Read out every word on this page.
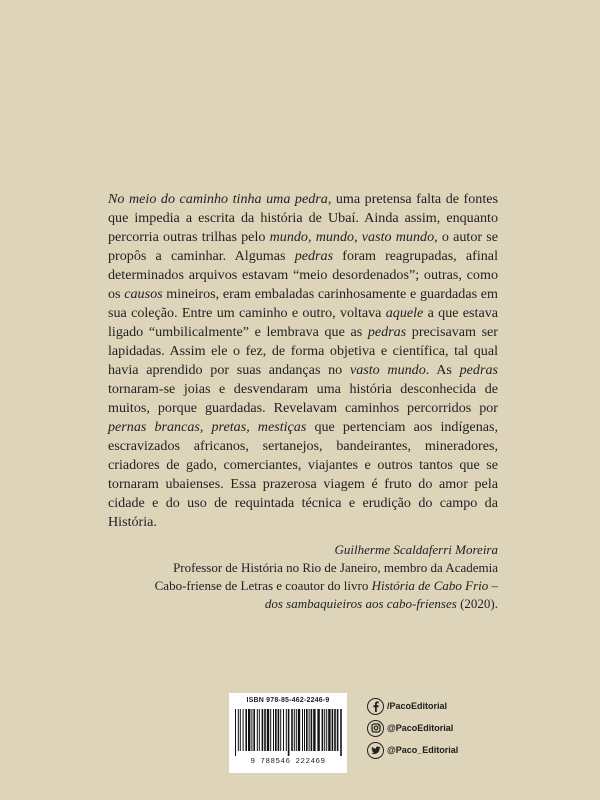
No meio do caminho tinha uma pedra, uma pretensa falta de fontes que impedia a escrita da história de Ubaí. Ainda assim, enquanto percorria outras trilhas pelo mundo, mundo, vasto mundo, o autor se propôs a caminhar. Algumas pedras foram reagrupadas, afinal determinados arquivos estavam “meio desordenados”; outras, como os causos mineiros, eram embaladas carinhosamente e guardadas em sua coleção. Entre um caminho e outro, voltava aquele a que estava ligado “umbilicalmente” e lembrava que as pedras precisavam ser lapidadas. Assim ele o fez, de forma objetiva e científica, tal qual havia aprendido por suas andanças no vasto mundo. As pedras tornaram-se joias e desvendaram uma história desconhecida de muitos, porque guardadas. Revelavam caminhos percorridos por pernas brancas, pretas, mestiças que pertenciam aos indígenas, escravizados africanos, sertanejos, bandeirantes, mineradores, criadores de gado, comerciantes, viajantes e outros tantos que se tornaram ubaienses. Essa prazerosa viagem é fruto do amor pela cidade e do uso de requintada técnica e erudição do campo da História.

Guilherme Scaldaferri Moreira
Professor de História no Rio de Janeiro, membro da Academia
Cabo-friense de Letras e coautor do livro História de Cabo Frio –
dos sambaquieiros aos cabo-frienses (2020).
ISBN 978-85-462-2246-9
9 788546 222469
/PacoEditorial
@PacoEditorial
@Paco_Editorial
